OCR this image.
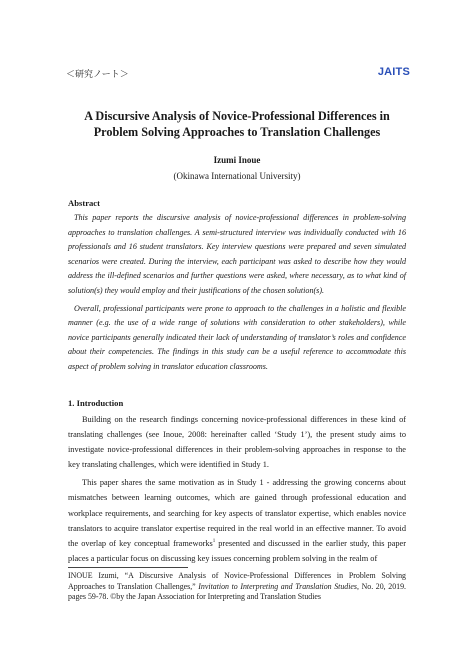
＜研究ノート＞	JAITS
A Discursive Analysis of Novice-Professional Differences in
Problem Solving Approaches to Translation Challenges
Izumi Inoue
(Okinawa International University)
Abstract

This paper reports the discursive analysis of novice-professional differences in problem-solving approaches to translation challenges. A semi-structured interview was individually conducted with 16 professionals and 16 student translators. Key interview questions were prepared and seven simulated scenarios were created. During the interview, each participant was asked to describe how they would address the ill-defined scenarios and further questions were asked, where necessary, as to what kind of solution(s) they would employ and their justifications of the chosen solution(s).

Overall, professional participants were prone to approach to the challenges in a holistic and flexible manner (e.g. the use of a wide range of solutions with consideration to other stakeholders), while novice participants generally indicated their lack of understanding of translator’s roles and confidence about their competencies. The findings in this study can be a useful reference to accommodate this aspect of problem solving in translator education classrooms.

1. Introduction

Building on the research findings concerning novice-professional differences in these kind of translating challenges (see Inoue, 2008: hereinafter called ‘Study 1’), the present study aims to investigate novice-professional differences in their problem-solving approaches in response to the key translating challenges, which were identified in Study 1.

This paper shares the same motivation as in Study 1 - addressing the growing concerns about mismatches between learning outcomes, which are gained through professional education and workplace requirements, and searching for key aspects of translator expertise, which enables novice translators to acquire translator expertise required in the real world in an effective manner. To avoid the overlap of key conceptual frameworks$^1$ presented and discussed in the earlier study, this paper places a particular focus on discussing key issues concerning problem solving in the realm of

INOUE Izumi, “A Discursive Analysis of Novice-Professional Differences in Problem Solving Approaches to Translation Challenges,” Invitation to Interpreting and Translation Studies, No. 20, 2019. pages 59-78. ©by the Japan Association for Interpreting and Translation Studies
